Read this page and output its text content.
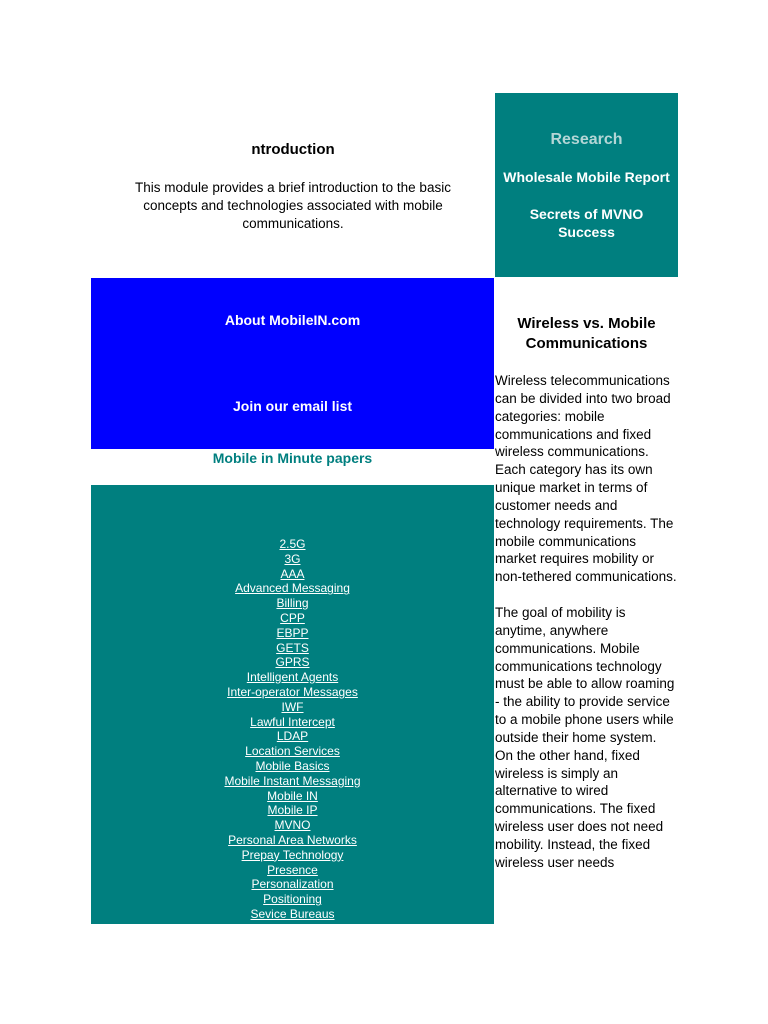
ntroduction

This module provides a brief introduction to the basic concepts and technologies associated with mobile communications.

Research
Wholesale Mobile Report
Secrets of MVNO Success
About MobileIN.com
Join our email list
Mobile in Minute papers
2.5G
3G
AAA
Advanced Messaging
Billing
CPP
EBPP
GETS
GPRS
Intelligent Agents
Inter-operator Messages
IWF
Lawful Intercept
LDAP
Location Services
Mobile Basics
Mobile Instant Messaging
Mobile IN
Mobile IP
MVNO
Personal Area Networks
Prepay Technology
Presence
Personalization
Positioning
Sevice Bureaus
Wireless vs. Mobile Communications

Wireless telecommunications can be divided into two broad categories: mobile communications and fixed wireless communications. Each category has its own unique market in terms of customer needs and technology requirements. The mobile communications market requires mobility or non-tethered communications.

The goal of mobility is anytime, anywhere communications. Mobile communications technology must be able to allow roaming - the ability to provide service to a mobile phone users while outside their home system. On the other hand, fixed wireless is simply an alternative to wired communications. The fixed wireless user does not need mobility. Instead, the fixed wireless user needs
